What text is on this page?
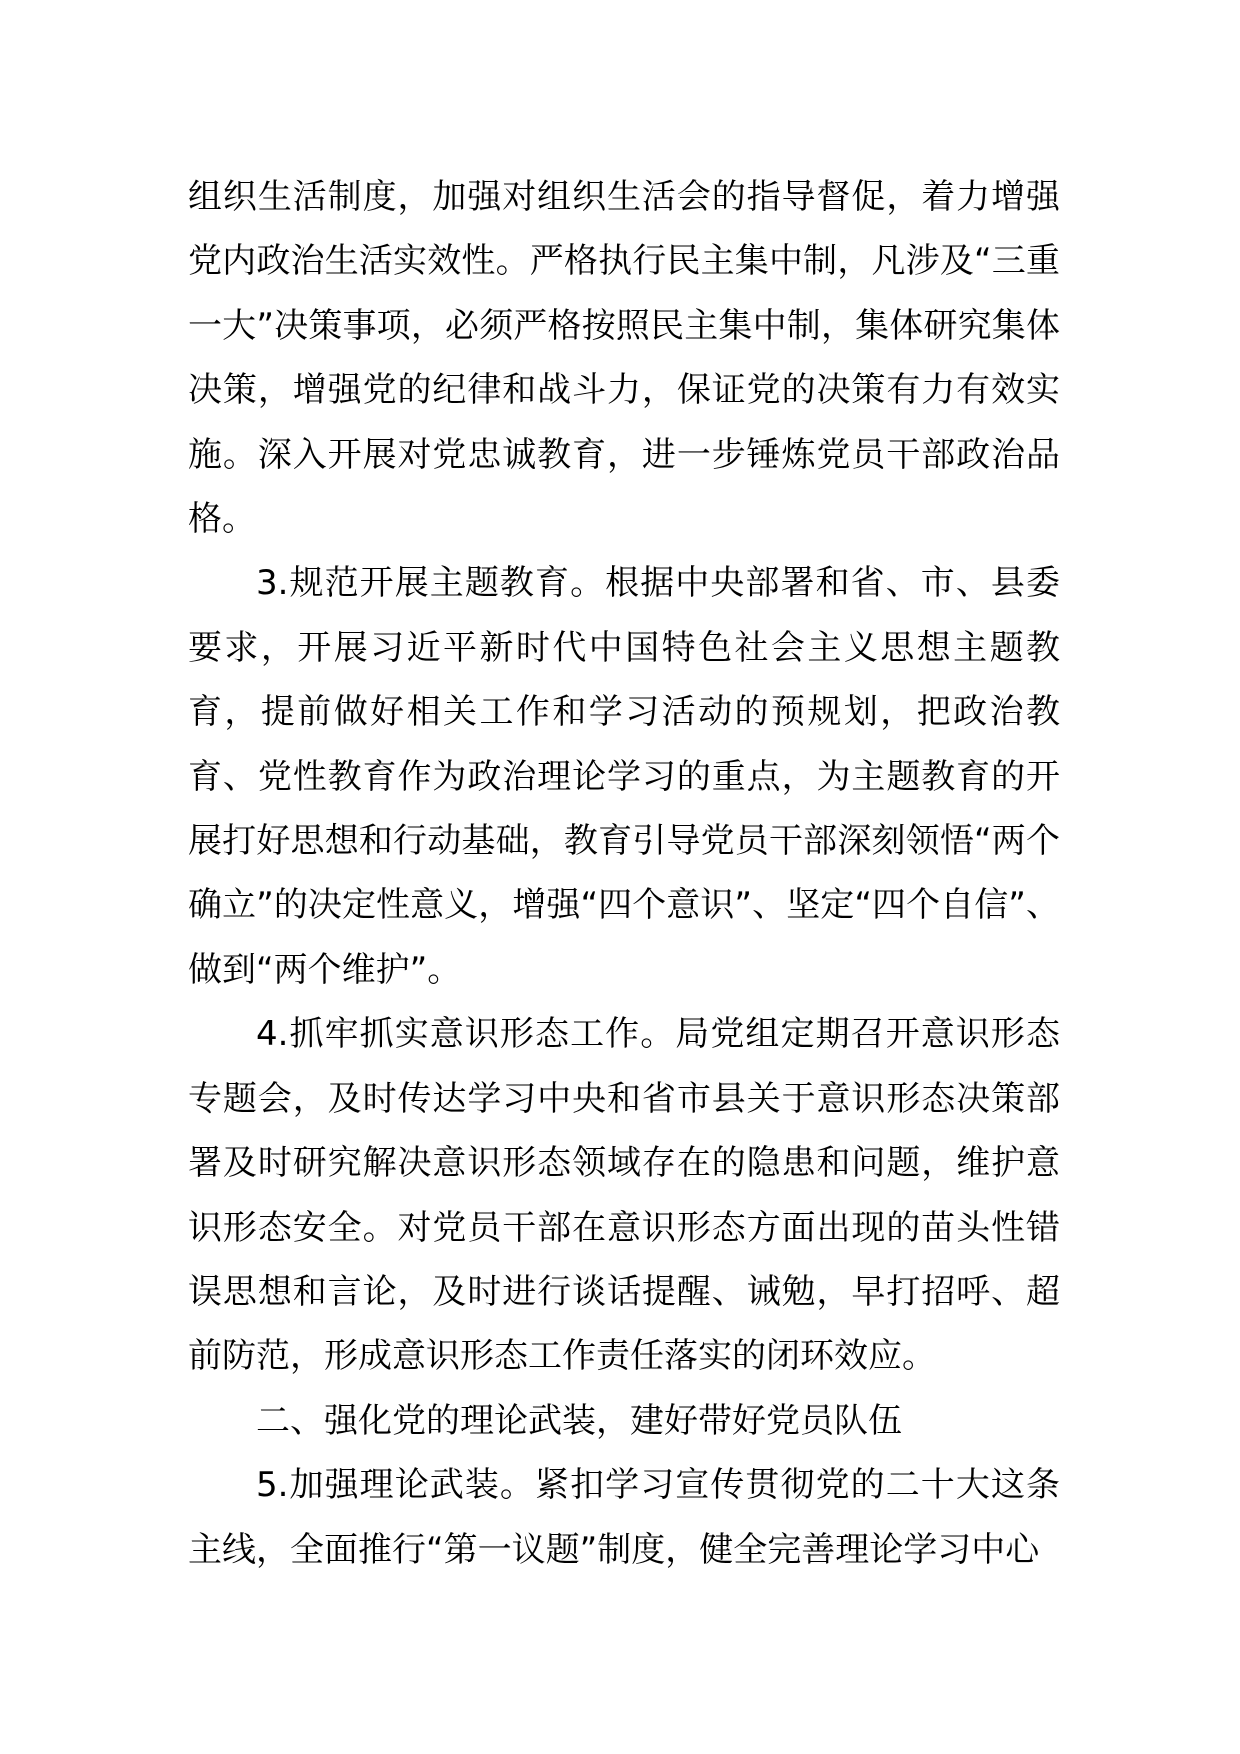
组织生活制度，加强对组织生活会的指导督促，着力增强党内政治生活实效性。严格执行民主集中制，凡涉及“三重一大”决策事项，必须严格按照民主集中制，集体研究集体决策，增强党的纪律和战斗力，保证党的决策有力有效实施。深入开展对党忠诚教育，进一步锤炼党员干部政治品格。

3.规范开展主题教育。根据中央部署和省、市、县委要求，开展习近平新时代中国特色社会主义思想主题教育，提前做好相关工作和学习活动的预规划，把政治教育、党性教育作为政治理论学习的重点，为主题教育的开展打好思想和行动基础，教育引导党员干部深刻领悟“两个确立”的决定性意义，增强“四个意识”、坚定“四个自信”、做到“两个维护”。

4.抓牢抓实意识形态工作。局党组定期召开意识形态专题会，及时传达学习中央和省市县关于意识形态决策部署及时研究解决意识形态领域存在的隐患和问题，维护意识形态安全。对党员干部在意识形态方面出现的苗头性错误思想和言论，及时进行谈话提醒、诫勉，早打招呼、超前防范，形成意识形态工作责任落实的闭环效应。

二、强化党的理论武装，建好带好党员队伍

5.加强理论武装。紧扣学习宣传贯彻党的二十大这条主线，全面推行“第一议题”制度，健全完善理论学习中心
